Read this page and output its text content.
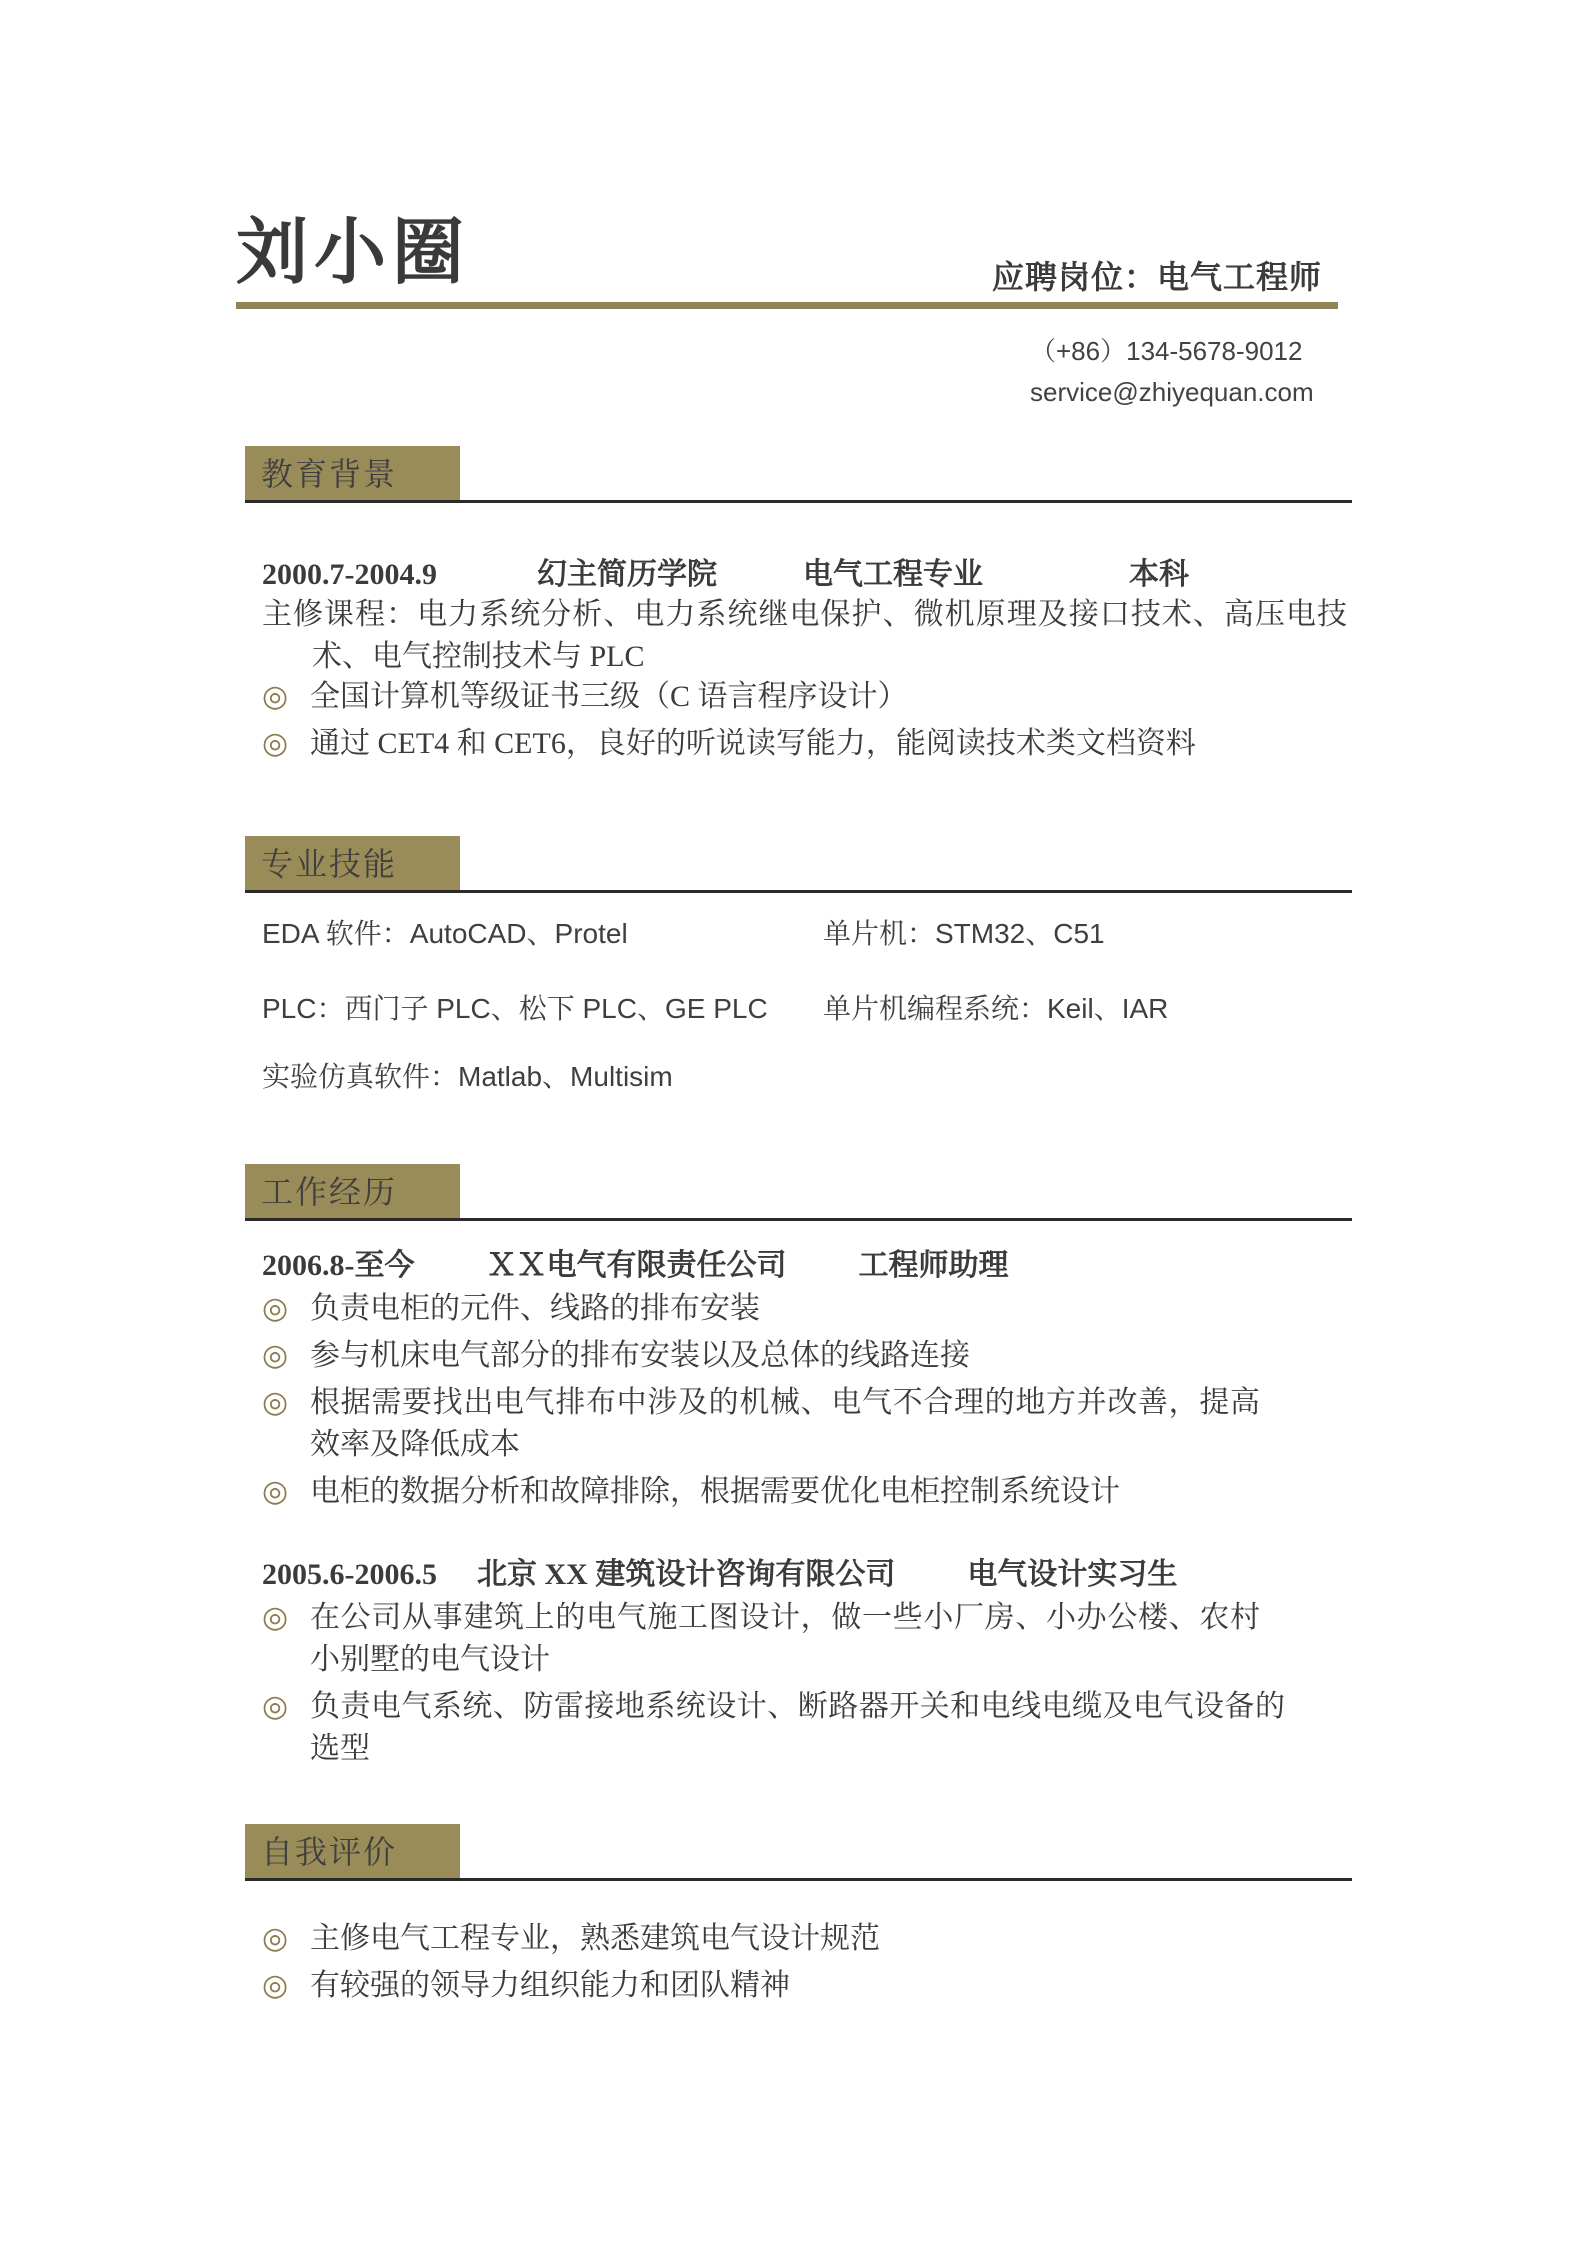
刘小圈	应聘岗位：电气工程师
（+86）134-5678-9012
service@zhiyequan.com
教育背景
2000.7-2004.9	幻主简历学院	电气工程专业	本科
主修课程：电力系统分析、电力系统继电保护、微机原理及接口技术、高压电技术、电气控制技术与 PLC
◎ 全国计算机等级证书三级（C 语言程序设计）
◎ 通过 CET4 和 CET6，良好的听说读写能力，能阅读技术类文档资料
专业技能
EDA 软件：AutoCAD、Protel	单片机：STM32、C51
PLC：西门子 PLC、松下 PLC、GE PLC 单片机编程系统：Keil、IAR
实验仿真软件：Matlab、Multisim
工作经历
2006.8-至今 ＸＸ电气有限责任公司 工程师助理
◎ 负责电柜的元件、线路的排布安装
◎ 参与机床电气部分的排布安装以及总体的线路连接
◎ 根据需要找出电气排布中涉及的机械、电气不合理的地方并改善，提高效率及降低成本
◎ 电柜的数据分析和故障排除，根据需要优化电柜控制系统设计
2005.6-2006.5 北京 XX 建筑设计咨询有限公司 电气设计实习生
◎ 在公司从事建筑上的电气施工图设计，做一些小厂房、小办公楼、农村小别墅的电气设计
◎ 负责电气系统、防雷接地系统设计、断路器开关和电线电缆及电气设备的选型
自我评价
◎ 主修电气工程专业，熟悉建筑电气设计规范
◎ 有较强的领导力组织能力和团队精神
